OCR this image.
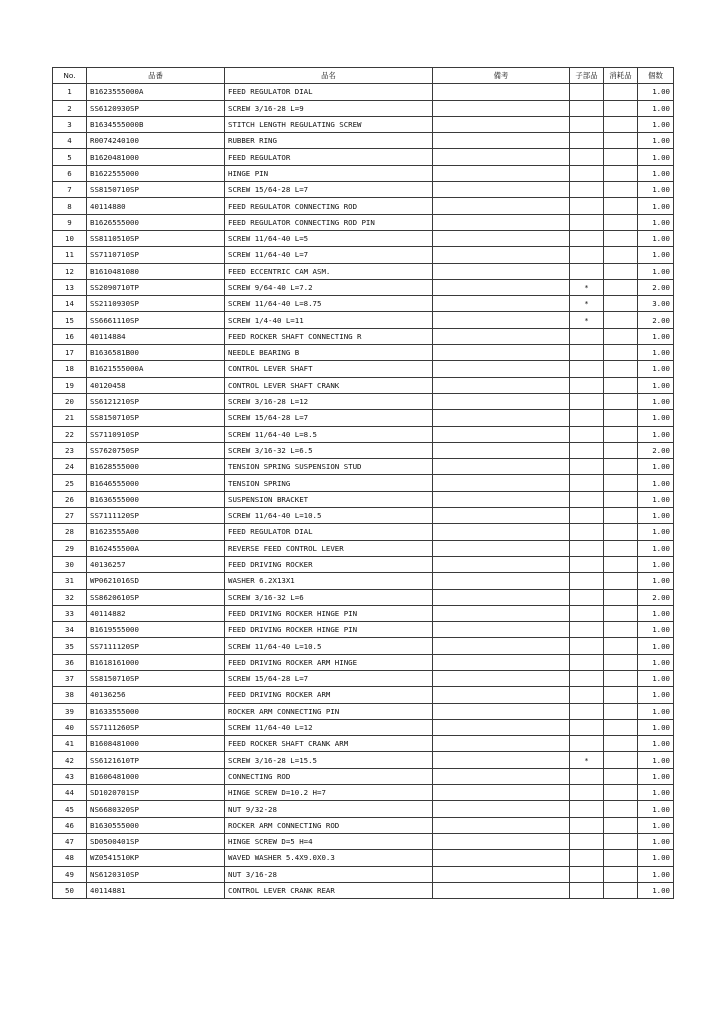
No.	品番	品名	備考	子部品	消耗品	個数
1	B1623555000A	FEED REGULATOR DIAL				1.00
2	SS6120930SP	SCREW 3/16-28 L=9				1.00
3	B1634555000B	STITCH LENGTH REGULATING SCREW				1.00
4	R0074240100	RUBBER RING				1.00
5	B1620481000	FEED REGULATOR				1.00
6	B1622555000	HINGE PIN				1.00
7	SS8150710SP	SCREW 15/64-28 L=7				1.00
8	40114880	FEED REGULATOR CONNECTING ROD				1.00
9	B1626555000	FEED REGULATOR CONNECTING ROD PIN				1.00
10	SS8110510SP	SCREW 11/64-40 L=5				1.00
11	SS7110710SP	SCREW 11/64-40 L=7				1.00
12	B1610481080	FEED ECCENTRIC CAM ASM.				1.00
13	SS2090710TP	SCREW 9/64-40 L=7.2		*		2.00
14	SS2110930SP	SCREW 11/64-40 L=8.75		*		3.00
15	SS6661110SP	SCREW 1/4-40 L=11		*		2.00
16	40114884	FEED ROCKER SHAFT CONNECTING R				1.00
17	B1636581B00	NEEDLE BEARING B				1.00
18	B1621555000A	CONTROL LEVER SHAFT				1.00
19	40120458	CONTROL LEVER SHAFT CRANK				1.00
20	SS6121210SP	SCREW 3/16-28 L=12				1.00
21	SS8150710SP	SCREW 15/64-28 L=7				1.00
22	SS7110910SP	SCREW 11/64-40 L=8.5				1.00
23	SS7620750SP	SCREW 3/16-32 L=6.5				2.00
24	B1628555000	TENSION SPRING SUSPENSION STUD				1.00
25	B1646555000	TENSION SPRING				1.00
26	B1636555000	SUSPENSION BRACKET				1.00
27	SS7111120SP	SCREW 11/64-40 L=10.5				1.00
28	B1623555A00	FEED REGULATOR DIAL				1.00
29	B162455500A	REVERSE FEED CONTROL LEVER				1.00
30	40136257	FEED DRIVING ROCKER				1.00
31	WP0621016SD	WASHER 6.2X13X1				1.00
32	SS8620610SP	SCREW 3/16-32 L=6				2.00
33	40114882	FEED DRIVING ROCKER HINGE PIN				1.00
34	B1619555000	FEED DRIVING ROCKER HINGE PIN				1.00
35	SS7111120SP	SCREW 11/64-40 L=10.5				1.00
36	B1618161000	FEED DRIVING ROCKER ARM HINGE				1.00
37	SS8150710SP	SCREW 15/64-28 L=7				1.00
38	40136256	FEED DRIVING ROCKER ARM				1.00
39	B1633555000	ROCKER ARM CONNECTING PIN				1.00
40	SS7111260SP	SCREW 11/64-40 L=12				1.00
41	B1608481000	FEED ROCKER SHAFT CRANK ARM				1.00
42	SS6121610TP	SCREW 3/16-28 L=15.5		*		1.00
43	B1606481000	CONNECTING ROD				1.00
44	SD1020701SP	HINGE SCREW D=10.2 H=7				1.00
45	NS6680320SP	NUT 9/32-28				1.00
46	B1630555000	ROCKER ARM CONNECTING ROD				1.00
47	SD0500401SP	HINGE SCREW D=5 H=4				1.00
48	WZ0541510KP	WAVED WASHER 5.4X9.0X0.3				1.00
49	NS6120310SP	NUT 3/16-28				1.00
50	40114881	CONTROL LEVER CRANK REAR				1.00
